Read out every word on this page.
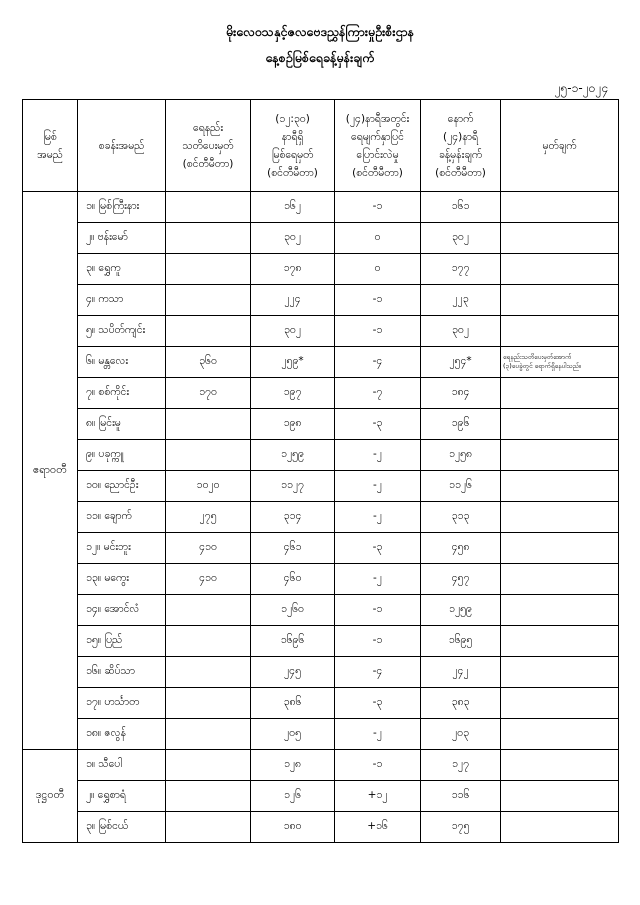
မိုးလေဝသနှင့်ဇလဗေဒညွှန်ကြားမှုဦးစီးဌာန
နေ့စဉ်မြစ်ရေခန့်မှန်းချက်
၂၅-၁-၂၀၂၄
မြစ်
အမည်	စခန်းအမည်	ရေနည်း
သတိပေးမှတ်
(စင်တီမီတာ)	(၁၂:၃၀)
နာရီရှိ
မြစ်ရေမှတ်
(စင်တီမီတာ)	(၂၄)နာရီအတွင်း
ရေမျက်နှာပြင်
ပြောင်းလဲမှု
(စင်တီမီတာ)	နောက်
(၂၄)နာရီ
ခန့်မှန်းချက်
(စင်တီမီတာ)	မှတ်ချက်
ဧရာဝတီ	၁။ မြစ်ကြီးနား		၁၆၂	-၁	၁၆၁	
	၂။ ဗန်းမော်		၃၀၂	၀	၃၀၂	
	၃။ ရွှေကူ		၁၇၈	၀	၁၇၇	
	၄။ ကသာ		၂၂၄	-၁	၂၂၃	
	၅။ သပိတ်ကျင်း		၃၀၂	-၁	၃၀၂	
	၆။ မန္တလေး	၃၆၀	၂၅၉*	-၄	၂၅၄*	ရေနည်းသတိပေးမှတ်အောက်
(၃)ပေခွဲတွင် ရောက်ရှိနေပါသည်။
	၇။ စစ်ကိုင်း	၁၇၀	၁၉၇	-၇	၁၈၄	
	၈။ မြင်းမူ		၁၉၈	-၃	၁၉၆	
	၉။ ပခုက္ကူ		၁၂၅၉	-၂	၁၂၅၈	
	၁၀။ ညောင်ဦး	၁၀၂၀	၁၁၂၇	-၂	၁၁၂၆	
	၁၁။ ချောက်	၂၇၅	၃၁၄	-၂	၃၁၃	
	၁၂။ မင်းဘူး	၄၁၀	၄၆၁	-၃	၄၅၈	
	၁၃။ မကွေး	၄၁၀	၄၆၀	-၂	၄၅၇	
	၁၄။ အောင်လံ		၁၂၆၀	-၁	၁၂၅၉	
	၁၅။ ပြည်		၁၆၉၆	-၁	၁၆၉၅	
	၁၆။ ဆိပ်သာ		၂၄၅	-၄	၂၄၂	
	၁၇။ ဟင်္သာတ		၃၈၆	-၃	၃၈၃	
	၁၈။ ဇလွန်		၂၀၅	-၂	၂၀၃	
ဒုဋ္ဌဝတီ	၁။ သီပေါ		၁၂၈	-၁	၁၂၇	
	၂။ ရွှေစာရံ		၁၂၆	+၁၂	၁၁၆	
	၃။ မြစ်ငယ်		၁၈၀	+၁၆	၁၇၅	
